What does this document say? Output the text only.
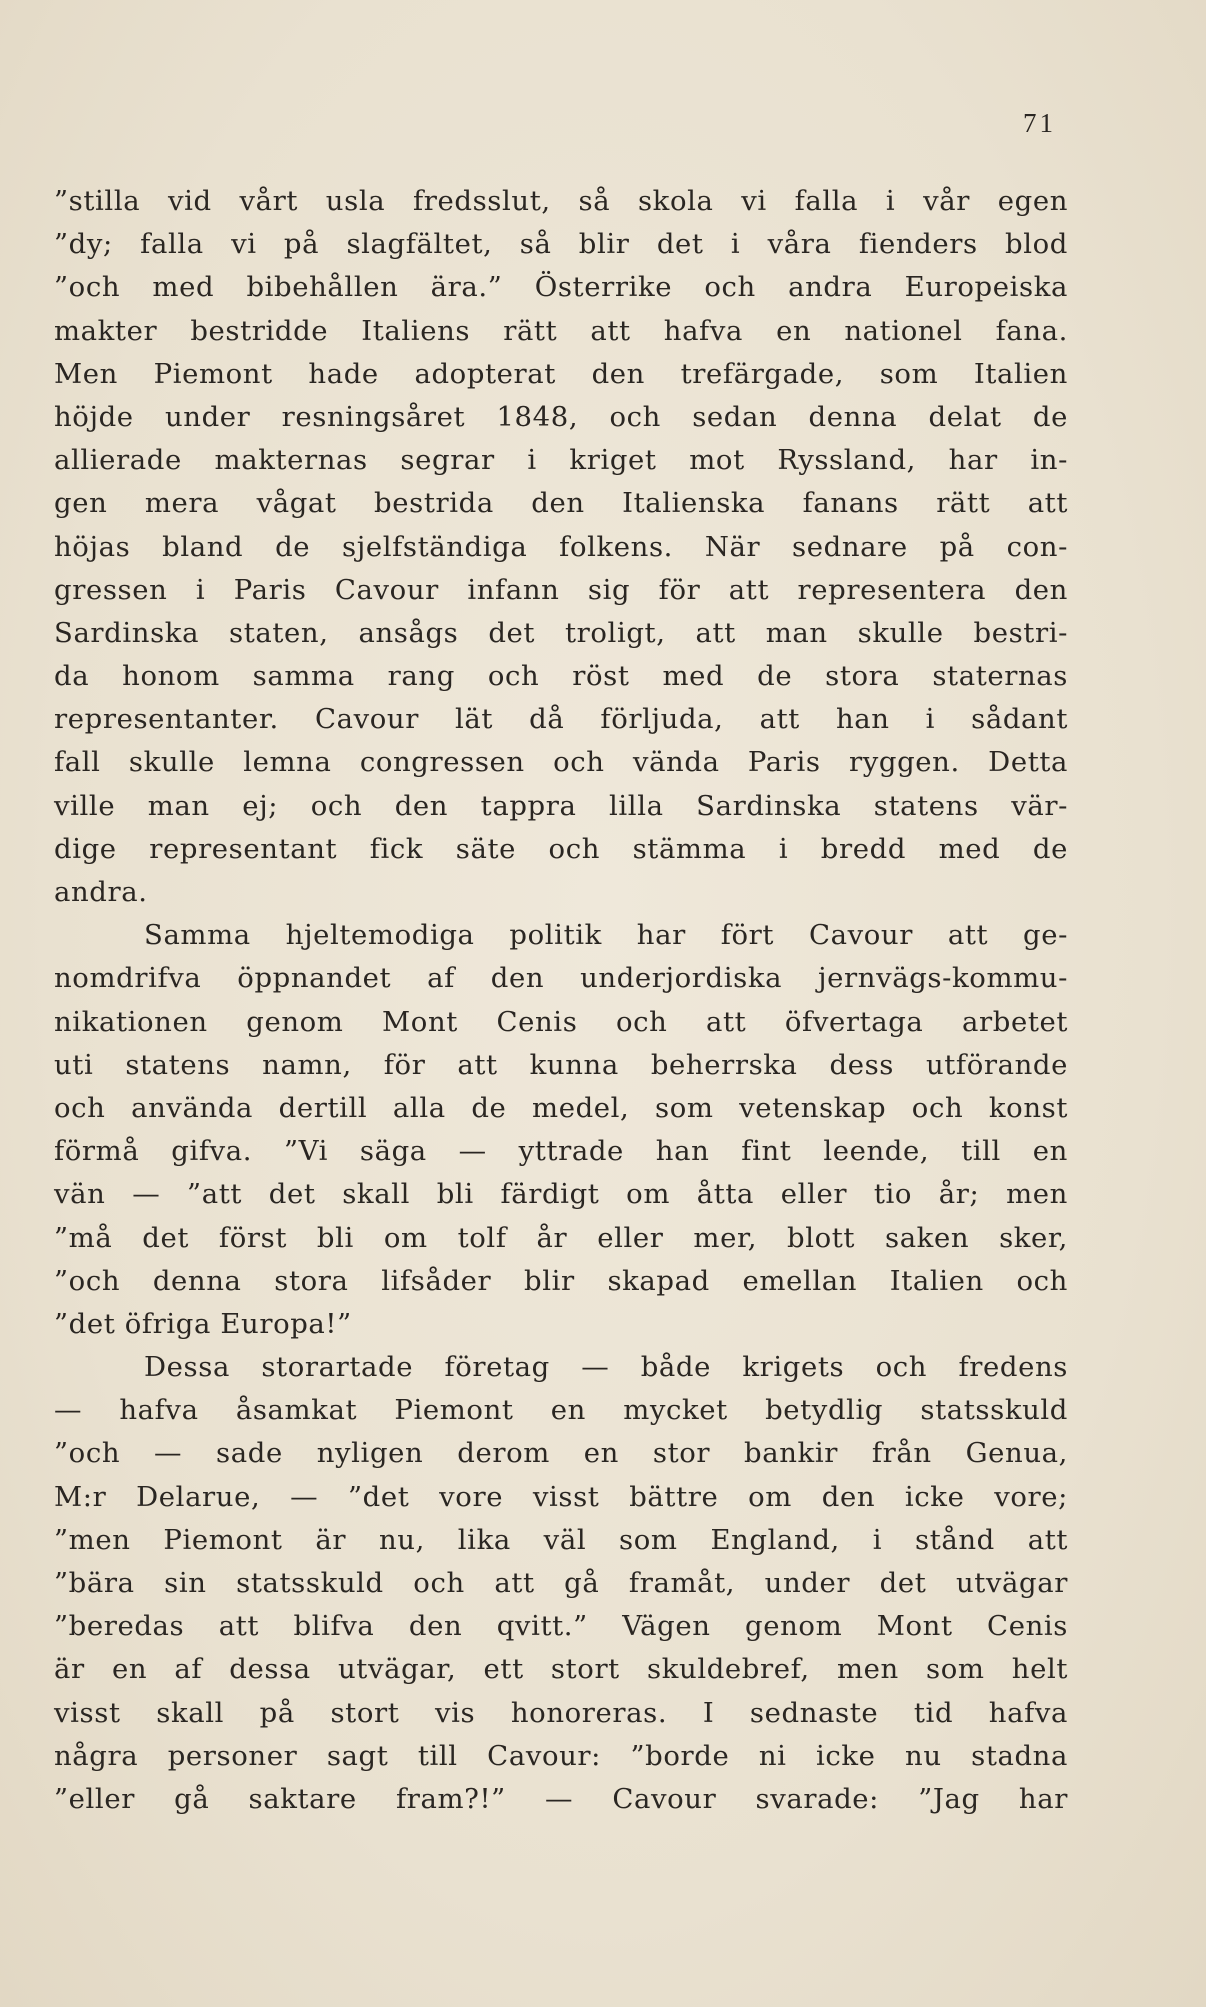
71
”stilla vid vårt usla fredsslut, så skola vi falla i vår egen
”dy; falla vi på slagfältet, så blir det i våra fienders blod
”och med bibehållen ära.” Österrike och andra Europeiska
makter bestridde Italiens rätt att hafva en nationel fana.
Men Piemont hade adopterat den trefärgade, som Italien
höjde under resningsåret 1848, och sedan denna delat de
allierade makternas segrar i kriget mot Ryssland, har in-
gen mera vågat bestrida den Italienska fanans rätt att
höjas bland de sjelfständiga folkens. När sednare på con-
gressen i Paris Cavour infann sig för att representera den
Sardinska staten, ansågs det troligt, att man skulle bestri-
da honom samma rang och röst med de stora staternas
representanter. Cavour lät då förljuda, att han i sådant
fall skulle lemna congressen och vända Paris ryggen. Detta
ville man ej; och den tappra lilla Sardinska statens vär-
dige representant fick säte och stämma i bredd med de
andra.
Samma hjeltemodiga politik har fört Cavour att ge-
nomdrifva öppnandet af den underjordiska jernvägs-kommu-
nikationen genom Mont Cenis och att öfvertaga arbetet
uti statens namn, för att kunna beherrska dess utförande
och använda dertill alla de medel, som vetenskap och konst
förmå gifva. ”Vi säga — yttrade han fint leende, till en
vän — ”att det skall bli färdigt om åtta eller tio år; men
”må det först bli om tolf år eller mer, blott saken sker,
”och denna stora lifsåder blir skapad emellan Italien och
”det öfriga Europa!”
Dessa storartade företag — både krigets och fredens
— hafva åsamkat Piemont en mycket betydlig statsskuld
”och — sade nyligen derom en stor bankir från Genua,
M:r Delarue, — ”det vore visst bättre om den icke vore;
”men Piemont är nu, lika väl som England, i stånd att
”bära sin statsskuld och att gå framåt, under det utvägar
”beredas att blifva den qvitt.” Vägen genom Mont Cenis
är en af dessa utvägar, ett stort skuldebref, men som helt
visst skall på stort vis honoreras. I sednaste tid hafva
några personer sagt till Cavour: ”borde ni icke nu stadna
”eller gå saktare fram?!” — Cavour svarade: ”Jag har
